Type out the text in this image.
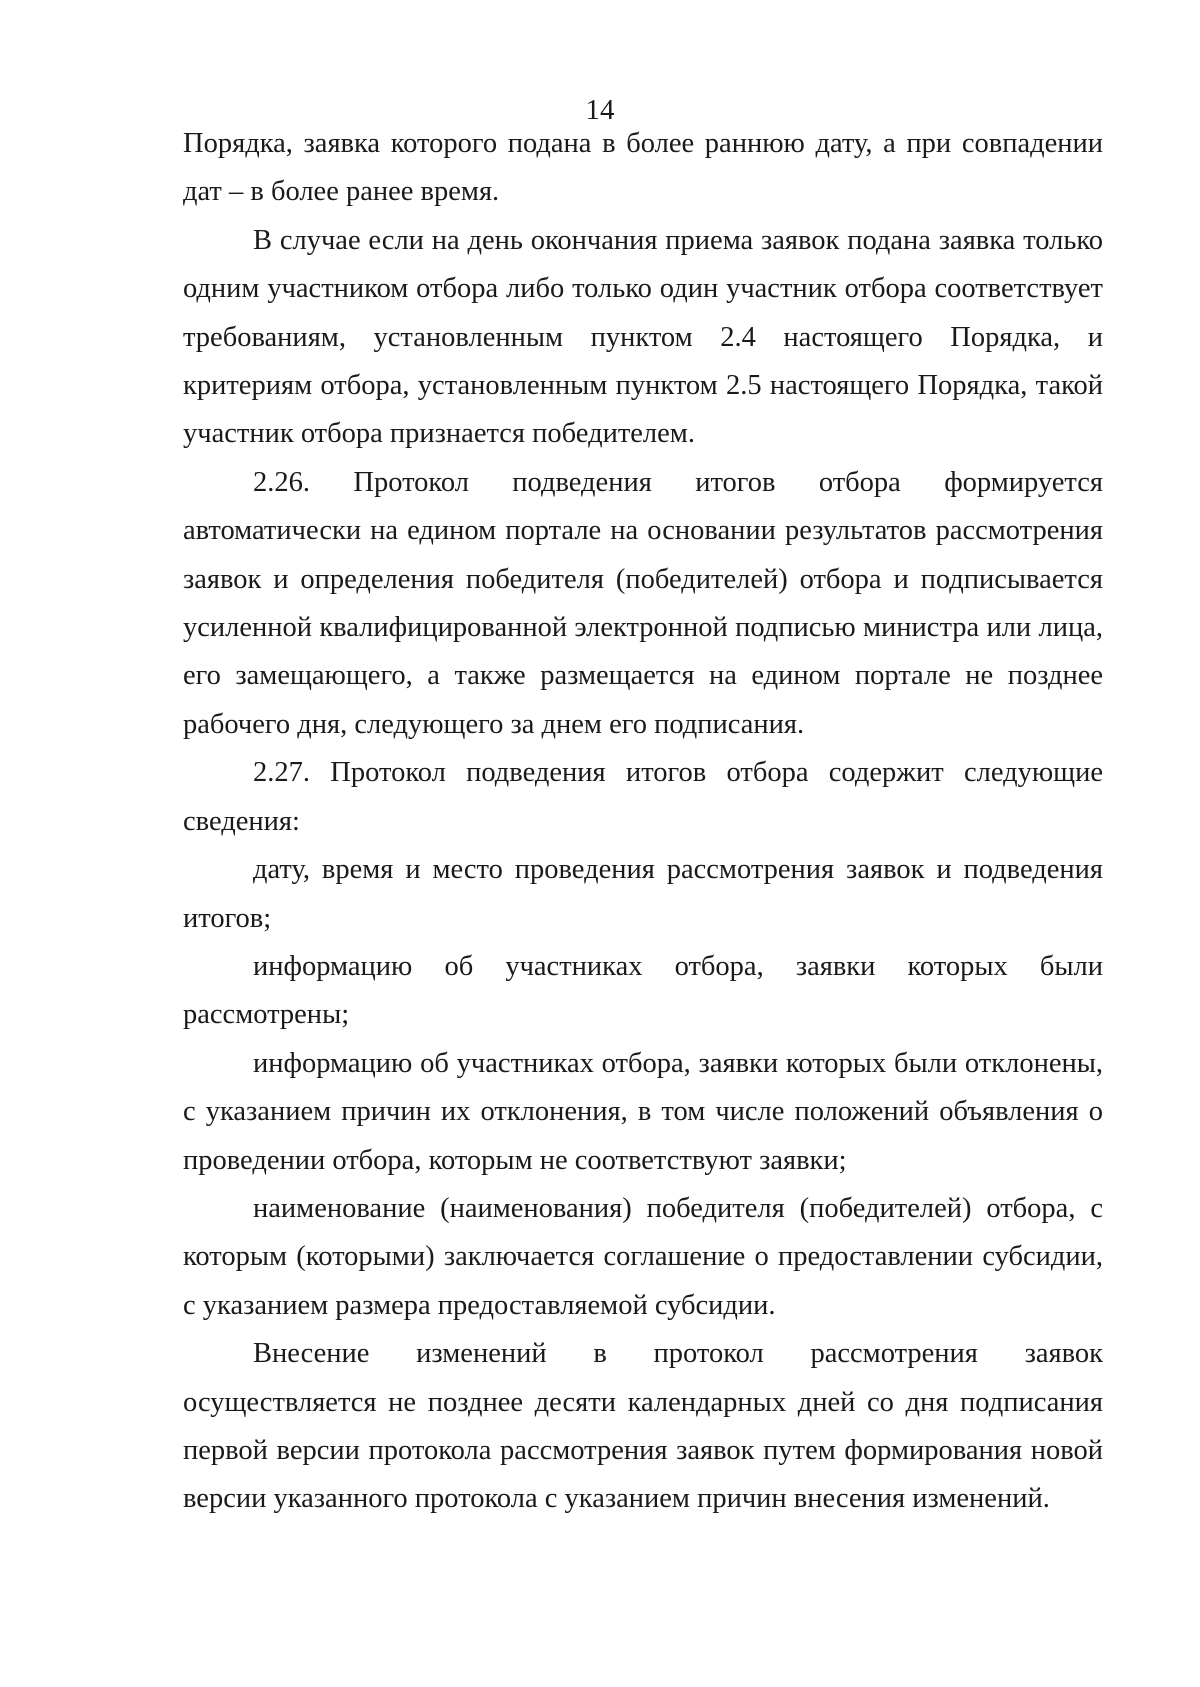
14

Порядка, заявка которого подана в более раннюю дату, а при совпадении дат – в более ранее время.

В случае если на день окончания приема заявок подана заявка только одним участником отбора либо только один участник отбора соответствует требованиям, установленным пунктом 2.4 настоящего Порядка, и критериям отбора, установленным пунктом 2.5 настоящего Порядка, такой участник отбора признается победителем.

2.26. Протокол подведения итогов отбора формируется автоматически на едином портале на основании результатов рассмотрения заявок и определения победителя (победителей) отбора и подписывается усиленной квалифицированной электронной подписью министра или лица, его замещающего, а также размещается на едином портале не позднее рабочего дня, следующего за днем его подписания.

2.27. Протокол подведения итогов отбора содержит следующие сведения:

дату, время и место проведения рассмотрения заявок и подведения итогов;

информацию об участниках отбора, заявки которых были рассмотрены;

информацию об участниках отбора, заявки которых были отклонены, с указанием причин их отклонения, в том числе положений объявления о проведении отбора, которым не соответствуют заявки;

наименование (наименования) победителя (победителей) отбора, с которым (которыми) заключается соглашение о предоставлении субсидии, с указанием размера предоставляемой субсидии.

Внесение изменений в протокол рассмотрения заявок осуществляется не позднее десяти календарных дней со дня подписания первой версии протокола рассмотрения заявок путем формирования новой версии указанного протокола с указанием причин внесения изменений.
